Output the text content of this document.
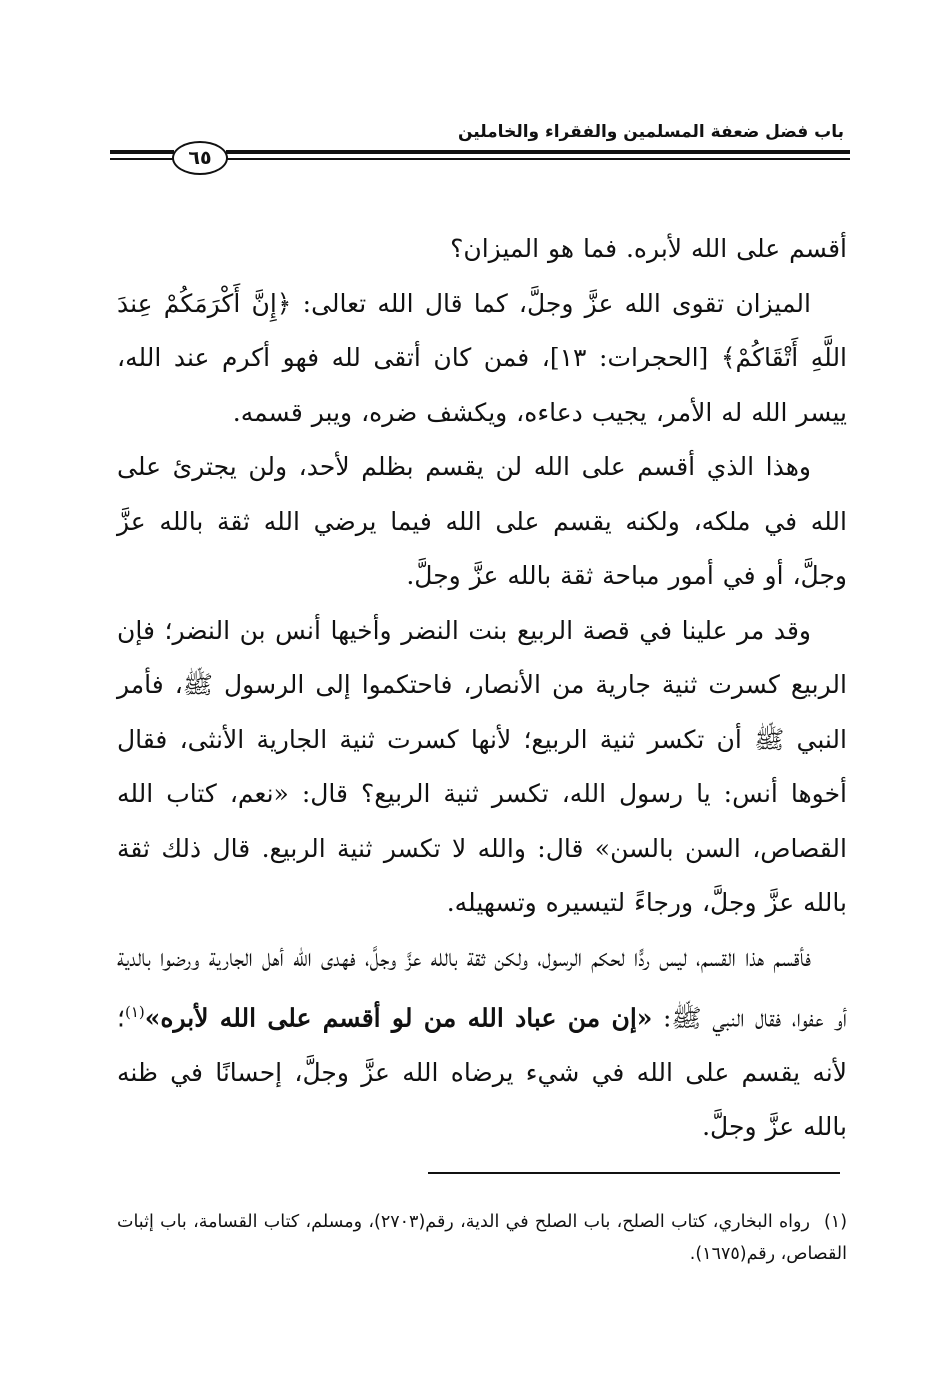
باب فضل ضعفة المسلمين والفقراء والخاملين
٦٥

أقسم على الله لأبره. فما هو الميزان؟

الميزان تقوى الله عزَّ وجلَّ، كما قال الله تعالى: ﴿إِنَّ أَكْرَمَكُمْ عِندَ اللَّهِ أَتْقَاكُمْ﴾ [الحجرات: ١٣]، فمن كان أتقى لله فهو أكرم عند الله، ييسر الله له الأمر، يجيب دعاءه، ويكشف ضره، ويبر قسمه.

وهذا الذي أقسم على الله لن يقسم بظلم لأحد، ولن يجترئ على الله في ملكه، ولكنه يقسم على الله فيما يرضي الله ثقة بالله عزَّ وجلَّ، أو في أمور مباحة ثقة بالله عزَّ وجلَّ.

وقد مر علينا في قصة الربيع بنت النضر وأخيها أنس بن النضر؛ فإن الربيع كسرت ثنية جارية من الأنصار، فاحتكموا إلى الرسول ﷺ، فأمر النبي ﷺ أن تكسر ثنية الربيع؛ لأنها كسرت ثنية الجارية الأنثى، فقال أخوها أنس: يا رسول الله، تكسر ثنية الربيع؟ قال: «نعم، كتاب الله القصاص، السن بالسن» قال: والله لا تكسر ثنية الربيع. قال ذلك ثقة بالله عزَّ وجلَّ، ورجاءً لتيسيره وتسهيله.

فأقسم هذا القسم، ليس ردًّا لحكم الرسول، ولكن ثقة بالله عزَّ وجلَّ، فهدى الله أهل الجارية ورضوا بالدية أو عفوا، فقال النبي ﷺ: «إن من عباد الله من لو أقسم على الله لأبره»$^{(١)}$؛ لأنه يقسم على الله في شيء يرضاه الله عزَّ وجلَّ، إحسانًا في ظنه بالله عزَّ وجلَّ.

(١)رواه البخاري، كتاب الصلح، باب الصلح في الدية، رقم(٢٧٠٣)، ومسلم، كتاب القسامة، باب إثبات القصاص، رقم(١٦٧٥).
